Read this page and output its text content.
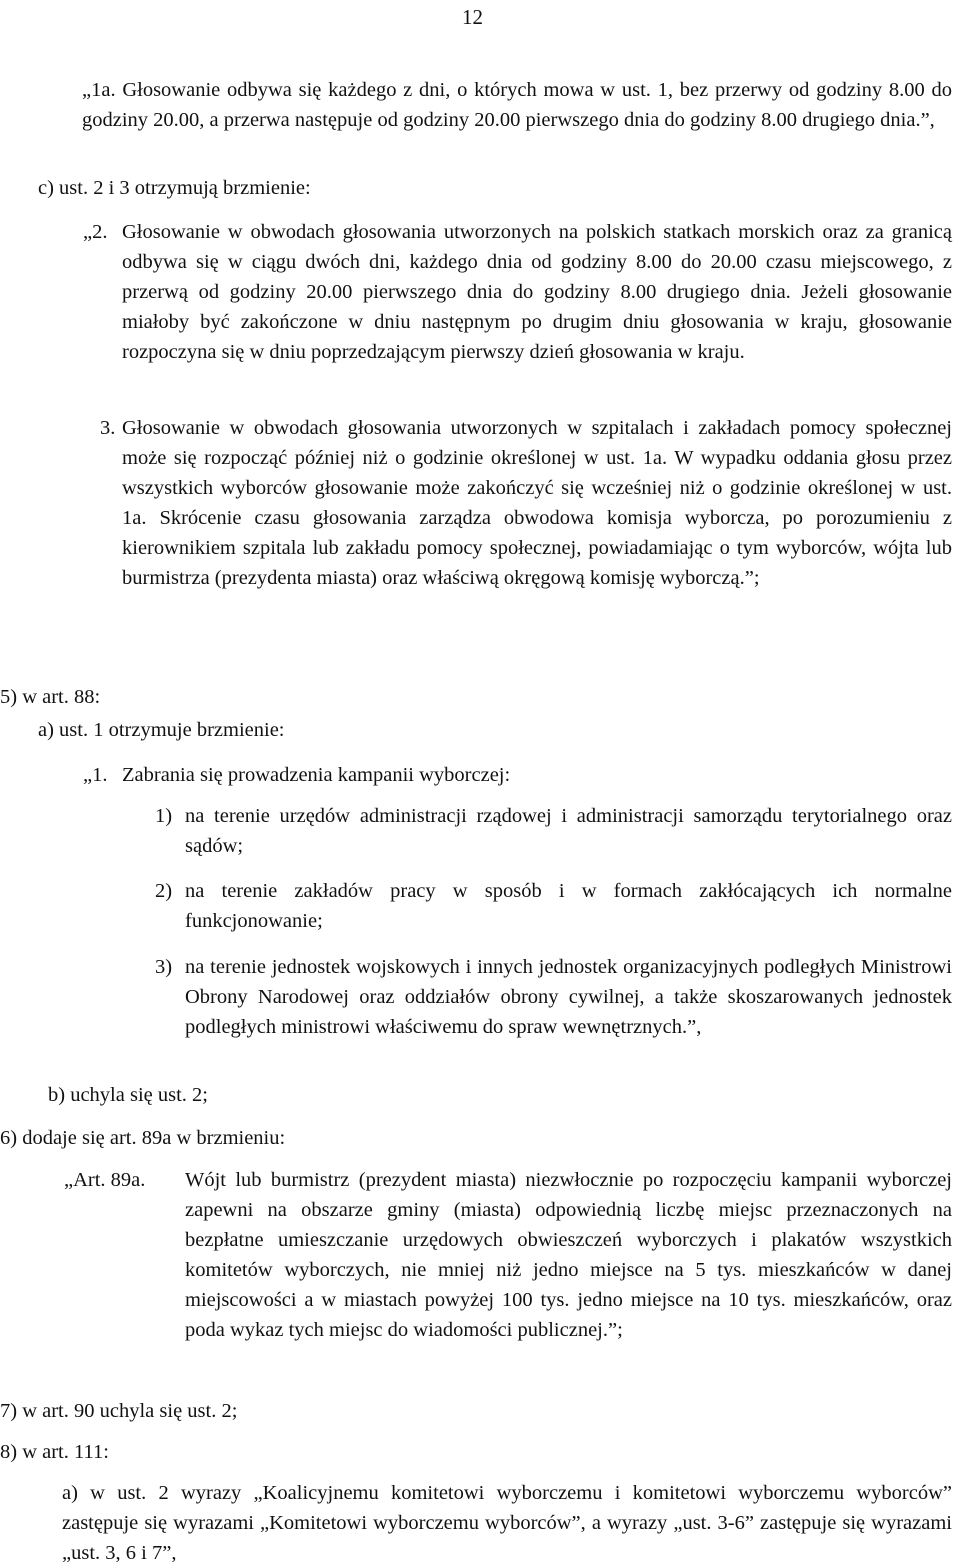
12
„1a. Głosowanie odbywa się każdego z dni, o których mowa w ust. 1, bez przerwy od godziny 8.00 do godziny 20.00, a przerwa następuje od godziny 20.00 pierwszego dnia do godziny 8.00 drugiego dnia.”,
c) ust. 2 i 3 otrzymują brzmienie:
„2. Głosowanie w obwodach głosowania utworzonych na polskich statkach morskich oraz za granicą odbywa się w ciągu dwóch dni, każdego dnia od godziny 8.00 do 20.00 czasu miejscowego, z przerwą od godziny 20.00 pierwszego dnia do godziny 8.00 drugiego dnia. Jeżeli głosowanie miałoby być zakończone w dniu następnym po drugim dniu głosowania w kraju, głosowanie rozpoczyna się w dniu poprzedzającym pierwszy dzień głosowania w kraju.
3. Głosowanie w obwodach głosowania utworzonych w szpitalach i zakładach pomocy społecznej może się rozpocząć później niż o godzinie określonej w ust. 1a. W wypadku oddania głosu przez wszystkich wyborców głosowanie może zakończyć się wcześniej niż o godzinie określonej w ust. 1a. Skrócenie czasu głosowania zarządza obwodowa komisja wyborcza, po porozumieniu z kierownikiem szpitala lub zakładu pomocy społecznej, powiadamiając o tym wyborców, wójta lub burmistrza (prezydenta miasta) oraz właściwą okręgową komisję wyborczą.”;
5) w art. 88:
a) ust. 1 otrzymuje brzmienie:
„1. Zabrania się prowadzenia kampanii wyborczej:
1) na terenie urzędów administracji rządowej i administracji samorządu terytorialnego oraz sądów;
2) na terenie zakładów pracy w sposób i w formach zakłócających ich normalne funkcjonowanie;
3) na terenie jednostek wojskowych i innych jednostek organizacyjnych podległych Ministrowi Obrony Narodowej oraz oddziałów obrony cywilnej, a także skoszarowanych jednostek podległych ministrowi właściwemu do spraw wewnętrznych.”,
b) uchyla się ust. 2;
6) dodaje się art. 89a w brzmieniu:
„Art. 89a. Wójt lub burmistrz (prezydent miasta) niezwłocznie po rozpoczęciu kampanii wyborczej zapewni na obszarze gminy (miasta) odpowiednią liczbę miejsc przeznaczonych na bezpłatne umieszczanie urzędowych obwieszczeń wyborczych i plakatów wszystkich komitetów wyborczych, nie mniej niż jedno miejsce na 5 tys. mieszkańców w danej miejscowości a w miastach powyżej 100 tys. jedno miejsce na 10 tys. mieszkańców, oraz poda wykaz tych miejsc do wiadomości publicznej.”;
7) w art. 90 uchyla się ust. 2;
8) w art. 111:
a) w ust. 2 wyrazy „Koalicyjnemu komitetowi wyborczemu i komitetowi wyborczemu wyborców” zastępuje się wyrazami „Komitetowi wyborczemu wyborców”, a wyrazy „ust. 3-6” zastępuje się wyrazami „ust. 3, 6 i 7”,
